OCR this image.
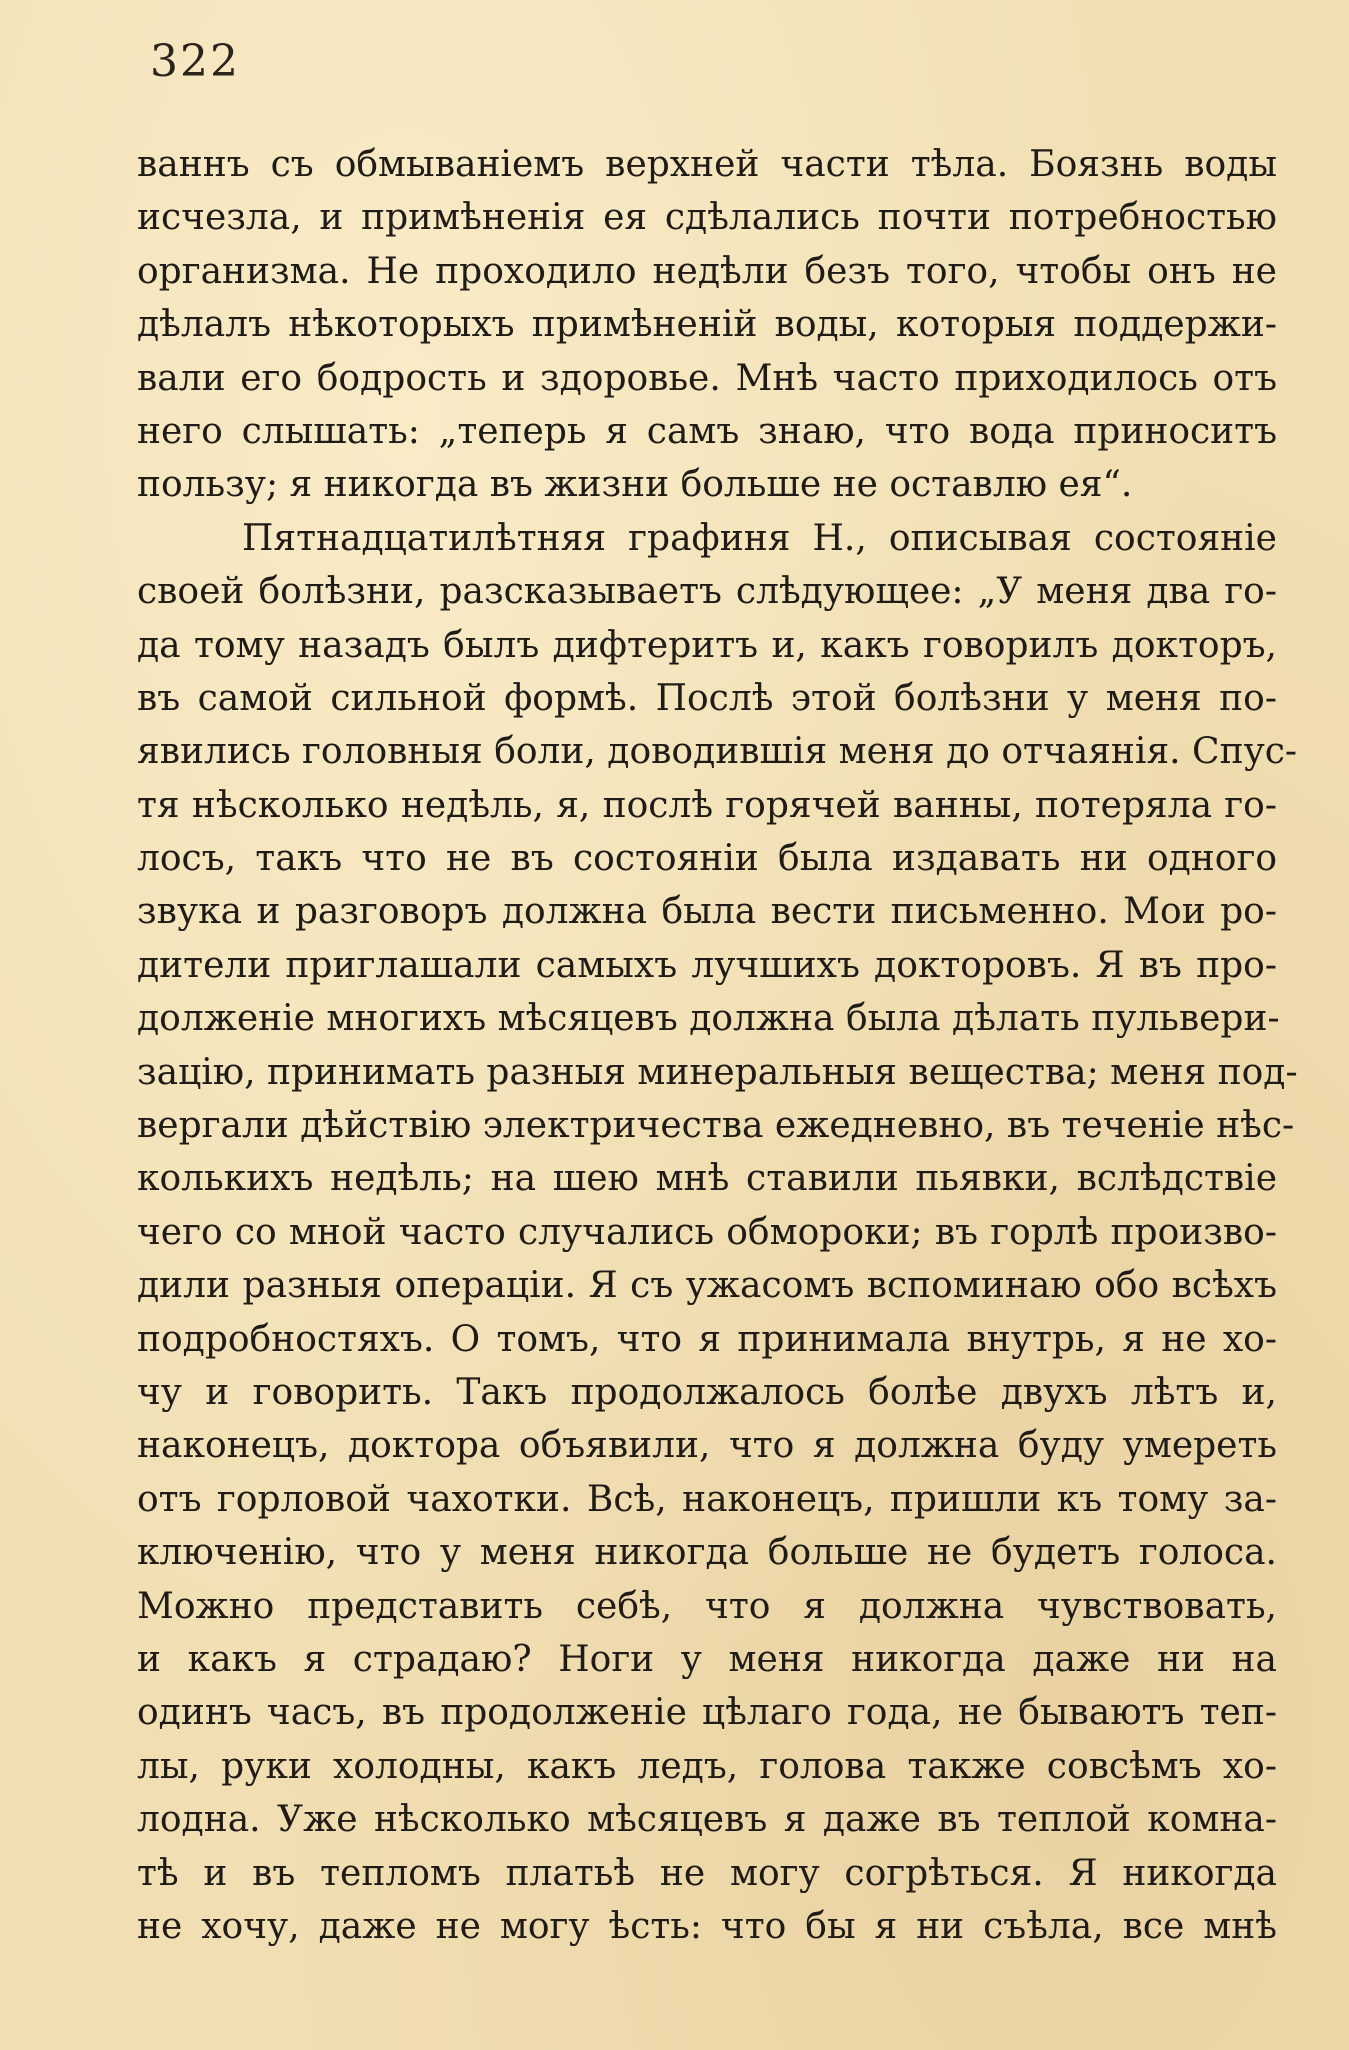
322
ваннъ съ обмываніемъ верхней части тѣла. Боязнь воды
исчезла, и примѣненія ея сдѣлались почти потребностью
организма. Не проходило недѣли безъ того, чтобы онъ не
дѣлалъ нѣкоторыхъ примѣненій воды, которыя поддержи-
вали его бодрость и здоровье. Мнѣ часто приходилось отъ
него слышать: „теперь я самъ знаю, что вода приноситъ
пользу; я никогда въ жизни больше не оставлю ея“.
Пятнадцатилѣтняя графиня Н., описывая состояніе
своей болѣзни, разсказываетъ слѣдующее: „У меня два го-
да тому назадъ былъ дифтеритъ и, какъ говорилъ докторъ,
въ самой сильной формѣ. Послѣ этой болѣзни у меня по-
явились головныя боли, доводившія меня до отчаянія. Спус-
тя нѣсколько недѣль, я, послѣ горячей ванны, потеряла го-
лосъ, такъ что не въ состояніи была издавать ни одного
звука и разговоръ должна была вести письменно. Мои ро-
дители приглашали самыхъ лучшихъ докторовъ. Я въ про-
долженіе многихъ мѣсяцевъ должна была дѣлать пульвери-
зацію, принимать разныя минеральныя вещества; меня под-
вергали дѣйствію электричества ежедневно, въ теченіе нѣс-
колькихъ недѣль; на шею мнѣ ставили пьявки, вслѣдствіе
чего со мной часто случались обмороки; въ горлѣ произво-
дили разныя операціи. Я съ ужасомъ вспоминаю обо всѣхъ
подробностяхъ. О томъ, что я принимала внутрь, я не хо-
чу и говорить. Такъ продолжалось болѣе двухъ лѣтъ и,
наконецъ, доктора объявили, что я должна буду умереть
отъ горловой чахотки. Всѣ, наконецъ, пришли къ тому за-
ключенію, что у меня никогда больше не будетъ голоса.
Можно представить себѣ, что я должна чувствовать,
и какъ я страдаю? Ноги у меня никогда даже ни на
одинъ часъ, въ продолженіе цѣлаго года, не бываютъ теп-
лы, руки холодны, какъ ледъ, голова также совсѣмъ хо-
лодна. Уже нѣсколько мѣсяцевъ я даже въ теплой комна-
тѣ и въ тепломъ платьѣ не могу согрѣться. Я никогда
не хочу, даже не могу ѣсть: что бы я ни съѣла, все мнѣ
